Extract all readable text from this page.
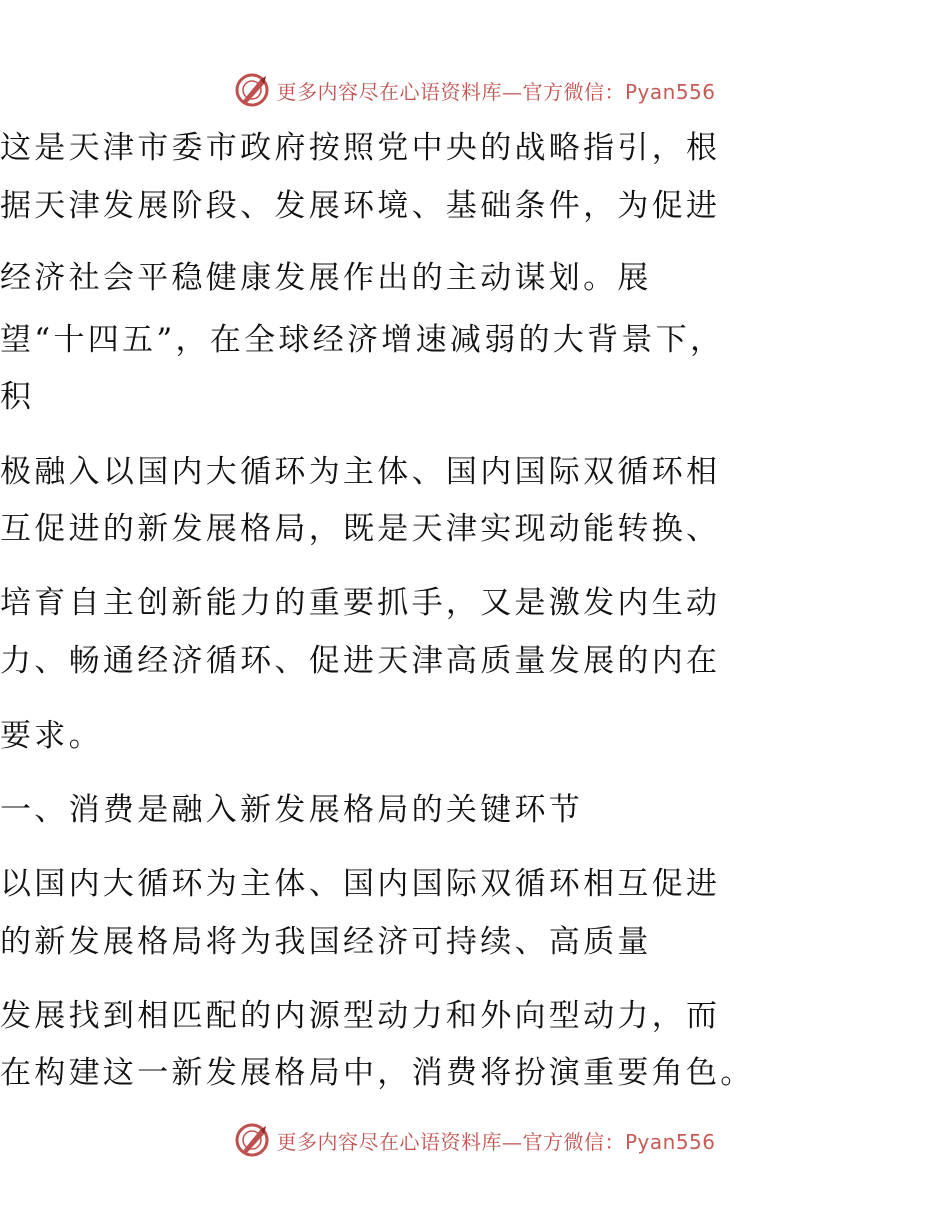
更多内容尽在心语资料库—官方微信：Pyan556
这是天津市委市政府按照党中央的战略指引，根
据天津发展阶段、发展环境、基础条件，为促进
经济社会平稳健康发展作出的主动谋划。展
望“十四五”，在全球经济增速减弱的大背景下，
积
极融入以国内大循环为主体、国内国际双循环相
互促进的新发展格局，既是天津实现动能转换、
培育自主创新能力的重要抓手，又是激发内生动
力、畅通经济循环、促进天津高质量发展的内在
要求。
一、消费是融入新发展格局的关键环节
以国内大循环为主体、国内国际双循环相互促进
的新发展格局将为我国经济可持续、高质量
发展找到相匹配的内源型动力和外向型动力，而
在构建这一新发展格局中，消费将扮演重要角色。
更多内容尽在心语资料库—官方微信：Pyan556
